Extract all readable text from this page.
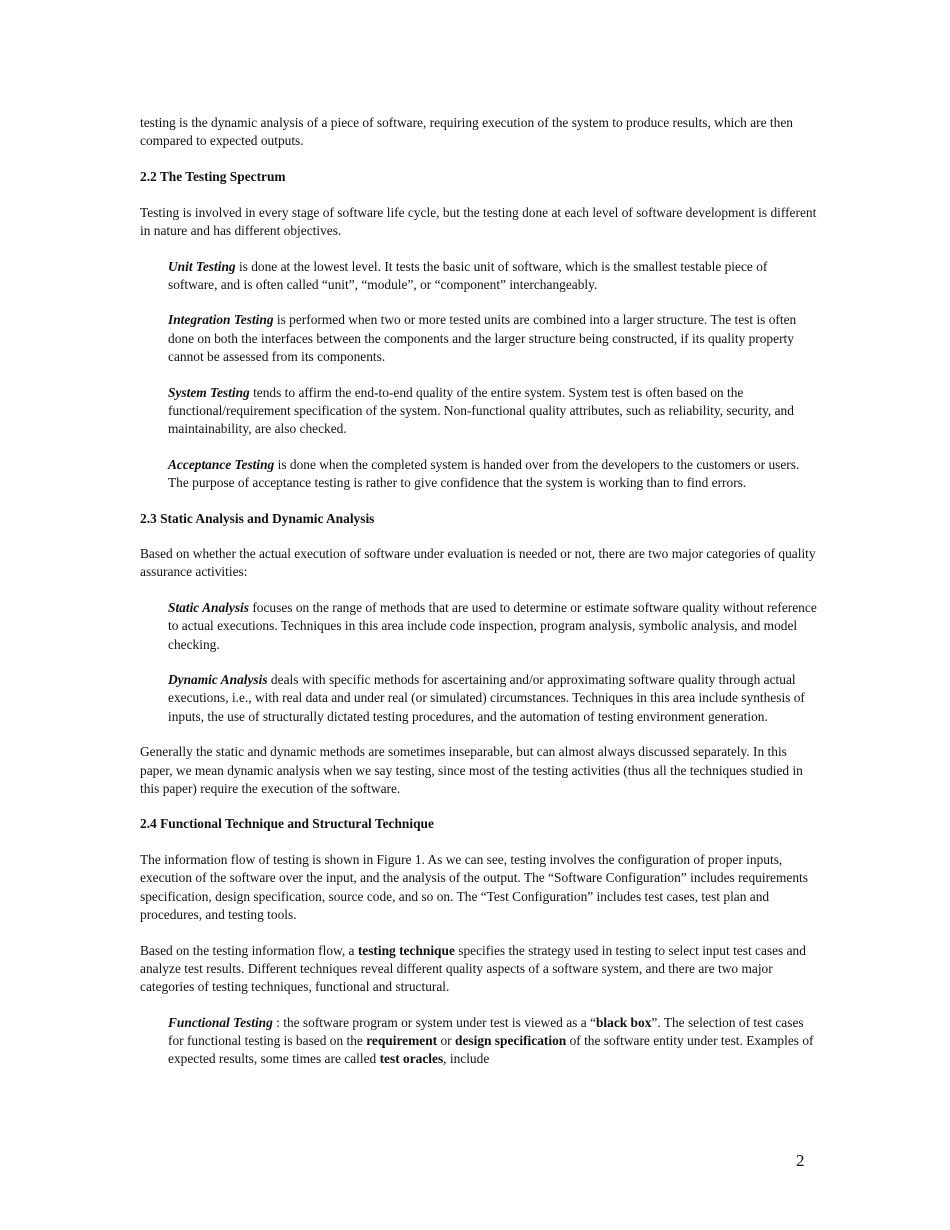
testing is the dynamic analysis of a piece of software, requiring execution of the system to produce results, which are then compared to expected outputs.

2.2 The Testing Spectrum

Testing is involved in every stage of software life cycle, but the testing done at each level of software development is different in nature and has different objectives.

Unit Testing is done at the lowest level. It tests the basic unit of software, which is the smallest testable piece of software, and is often called “unit”, “module”, or “component” interchangeably.

Integration Testing is performed when two or more tested units are combined into a larger structure. The test is often done on both the interfaces between the components and the larger structure being constructed, if its quality property cannot be assessed from its components.

System Testing tends to affirm the end-to-end quality of the entire system. System test is often based on the functional/requirement specification of the system. Non-functional quality attributes, such as reliability, security, and maintainability, are also checked.

Acceptance Testing is done when the completed system is handed over from the developers to the customers or users. The purpose of acceptance testing is rather to give confidence that the system is working than to find errors.

2.3 Static Analysis and Dynamic Analysis

Based on whether the actual execution of software under evaluation is needed or not, there are two major categories of quality assurance activities:

Static Analysis focuses on the range of methods that are used to determine or estimate software quality without reference to actual executions. Techniques in this area include code inspection, program analysis, symbolic analysis, and model checking.

Dynamic Analysis deals with specific methods for ascertaining and/or approximating software quality through actual executions, i.e., with real data and under real (or simulated) circumstances. Techniques in this area include synthesis of inputs, the use of structurally dictated testing procedures, and the automation of testing environment generation.

Generally the static and dynamic methods are sometimes inseparable, but can almost always discussed separately. In this paper, we mean dynamic analysis when we say testing, since most of the testing activities (thus all the techniques studied in this paper) require the execution of the software.

2.4 Functional Technique and Structural Technique

The information flow of testing is shown in Figure 1. As we can see, testing involves the configuration of proper inputs, execution of the software over the input, and the analysis of the output. The “Software Configuration” includes requirements specification, design specification, source code, and so on. The “Test Configuration” includes test cases, test plan and procedures, and testing tools.

Based on the testing information flow, a testing technique specifies the strategy used in testing to select input test cases and analyze test results. Different techniques reveal different quality aspects of a software system, and there are two major categories of testing techniques, functional and structural.

Functional Testing : the software program or system under test is viewed as a “black box”. The selection of test cases for functional testing is based on the requirement or design specification of the software entity under test. Examples of expected results, some times are called test oracles, include

2
